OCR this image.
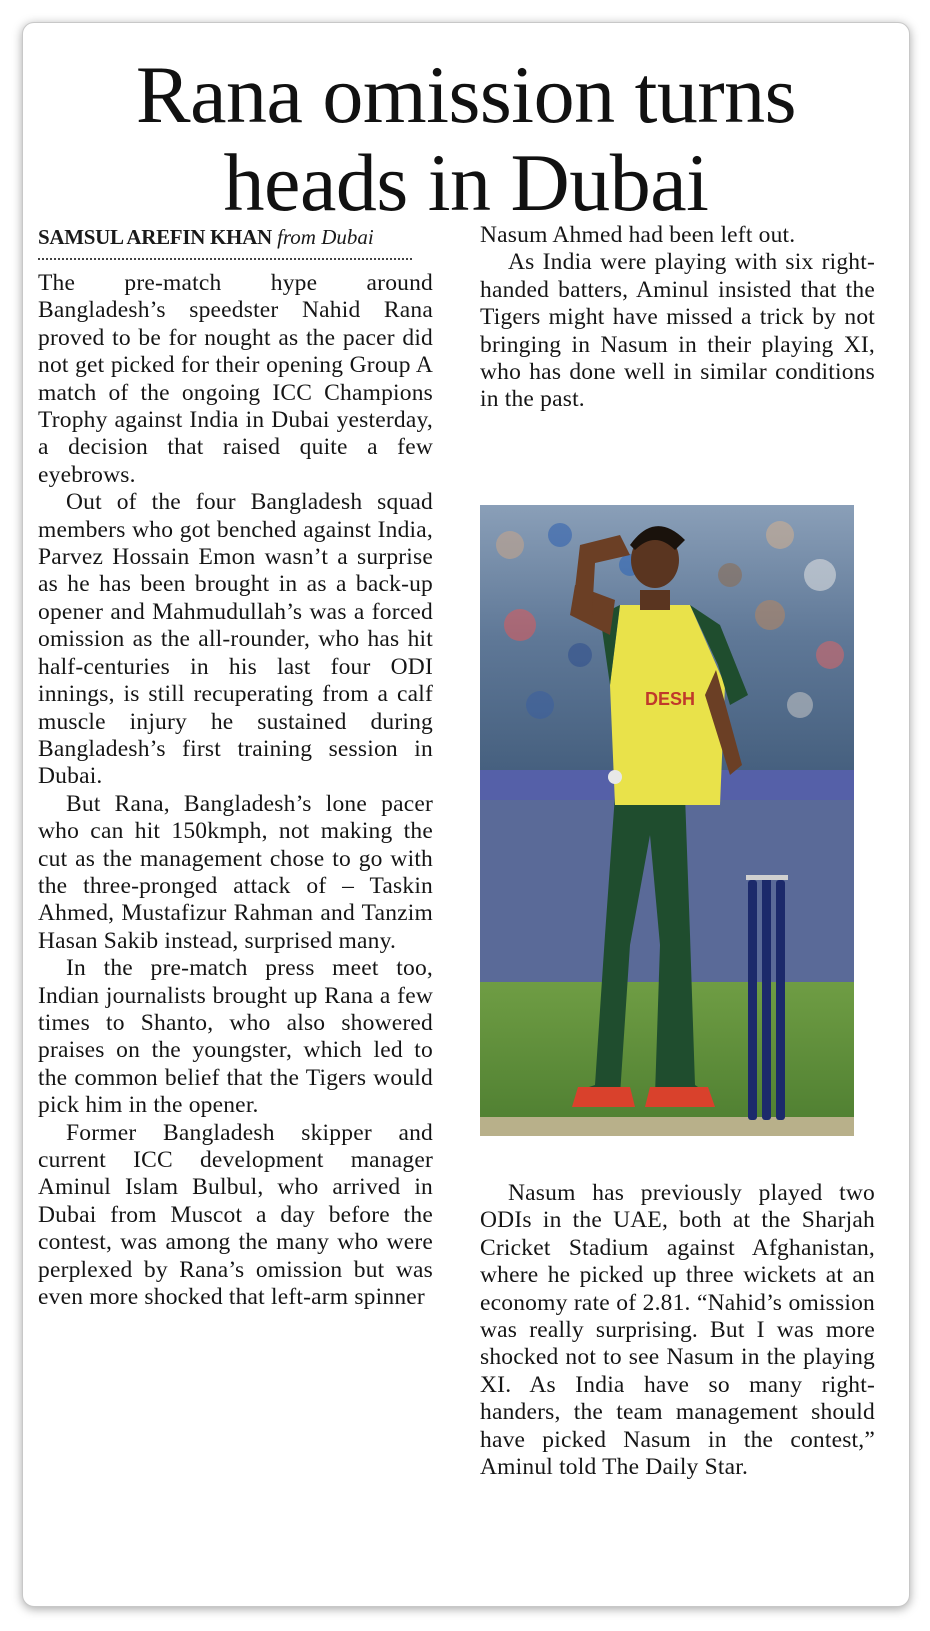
Rana omission turns
heads in Dubai
SAMSUL AREFIN KHAN from Dubai

The pre-match hype around Bangladesh’s speedster Nahid Rana proved to be for nought as the pacer did not get picked for their opening Group A match of the ongoing ICC Champions Trophy against India in Dubai yesterday, a decision that raised quite a few eyebrows.

Out of the four Bangladesh squad members who got benched against India, Parvez Hossain Emon wasn’t a surprise as he has been brought in as a back-up opener and Mahmudullah’s was a forced omission as the all-rounder, who has hit half-centuries in his last four ODI innings, is still recuperating from a calf muscle injury he sustained during Bangladesh’s first training session in Dubai.

But Rana, Bangladesh’s lone pacer who can hit 150kmph, not making the cut as the management chose to go with the three-pronged attack of – Taskin Ahmed, Mustafizur Rahman and Tanzim Hasan Sakib instead, surprised many.

In the pre-match press meet too, Indian journalists brought up Rana a few times to Shanto, who also showered praises on the youngster, which led to the common belief that the Tigers would pick him in the opener.

Former Bangladesh skipper and current ICC development manager Aminul Islam Bulbul, who arrived in Dubai from Muscot a day before the contest, was among the many who were perplexed by Rana’s omission but was even more shocked that left-arm spinner

Nasum Ahmed had been left out.

As India were playing with six right-handed batters, Aminul insisted that the Tigers might have missed a trick by not bringing in Nasum in their playing XI, who has done well in similar conditions in the past.

DESH

Nasum has previously played two ODIs in the UAE, both at the Sharjah Cricket Stadium against Afghanistan, where he picked up three wickets at an economy rate of 2.81. “Nahid’s omission was really surprising. But I was more shocked not to see Nasum in the playing XI. As India have so many right-handers, the team management should have picked Nasum in the contest,” Aminul told The Daily Star.
